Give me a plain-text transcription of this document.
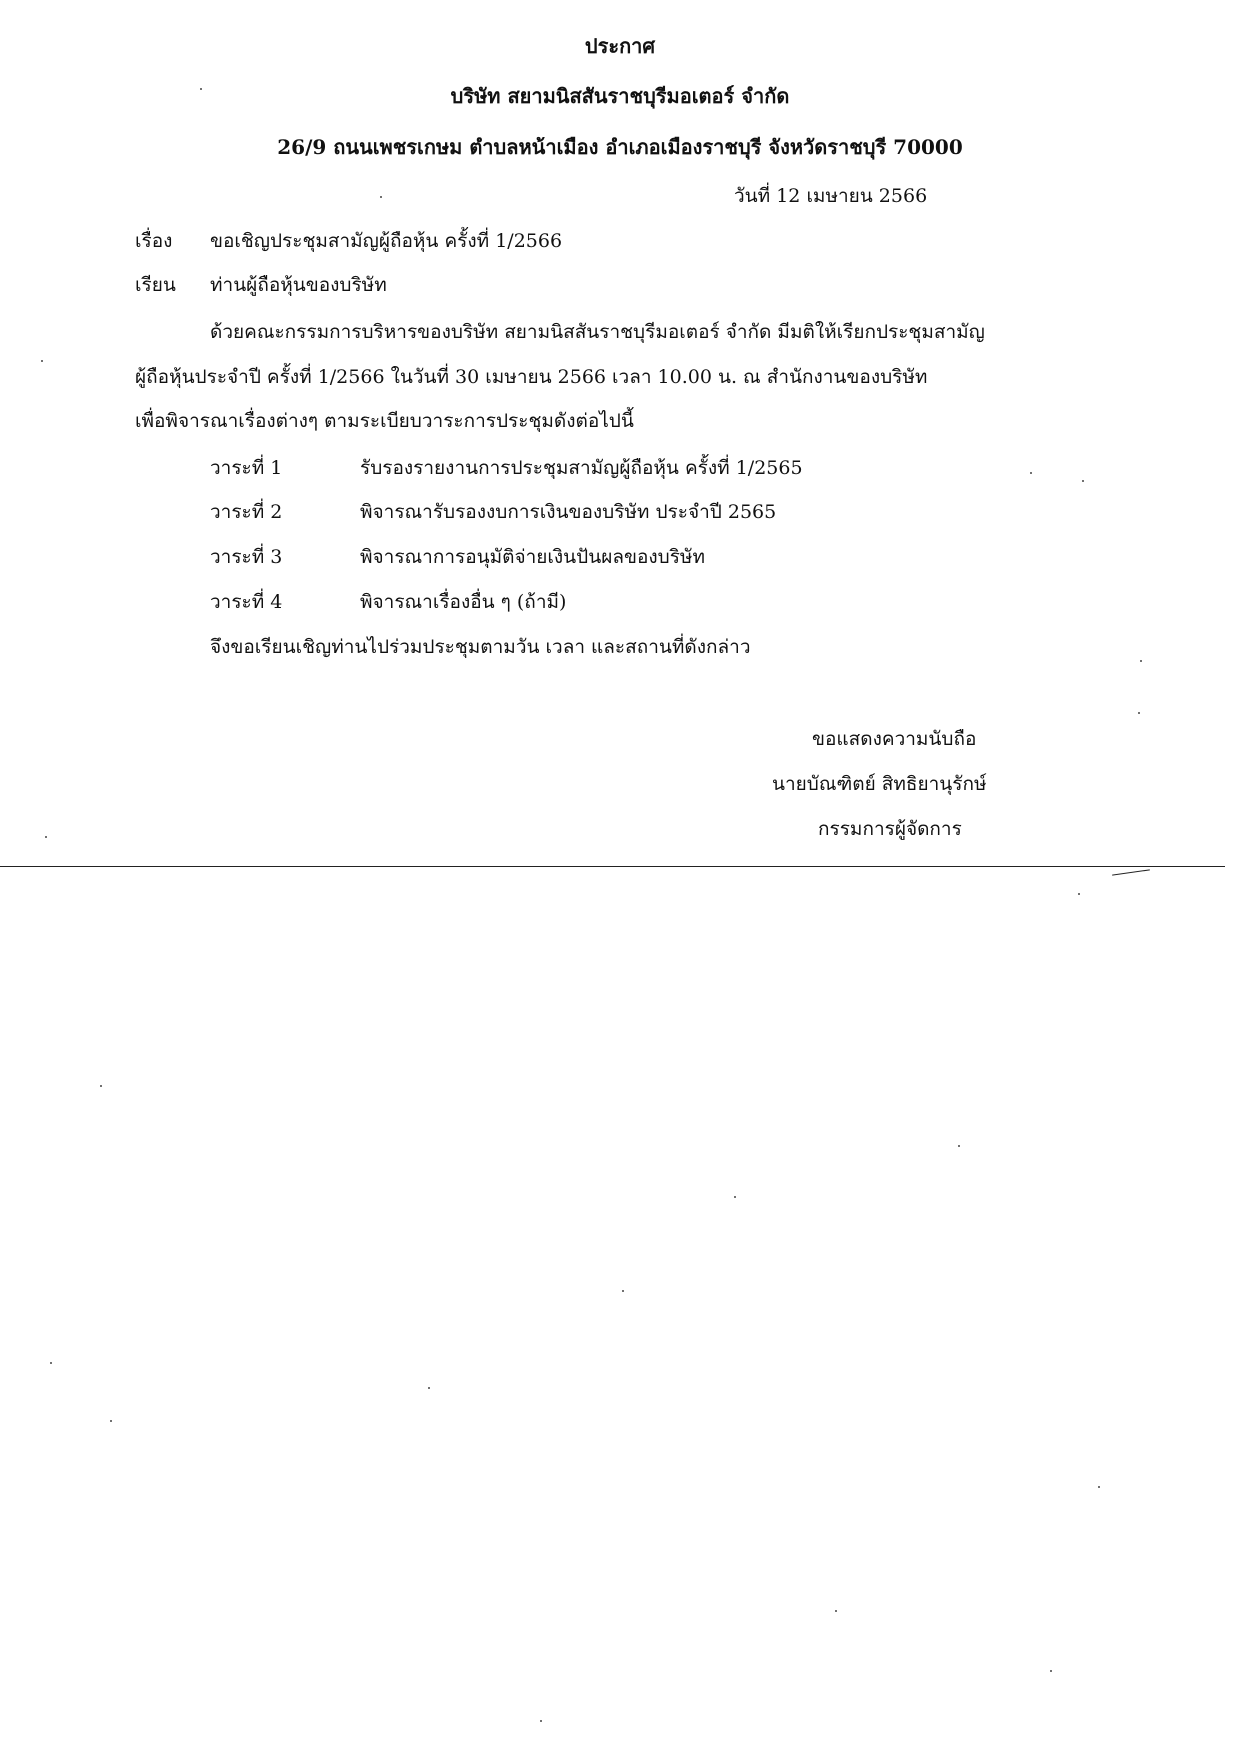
ประกาศ
บริษัท สยามนิสสันราชบุรีมอเตอร์ จำกัด
26/9 ถนนเพชรเกษม ตำบลหน้าเมือง อำเภอเมืองราชบุรี จังหวัดราชบุรี 70000
วันที่ 12 เมษายน 2566
เรื่อง ขอเชิญประชุมสามัญผู้ถือหุ้น ครั้งที่ 1/2566
เรียน ท่านผู้ถือหุ้นของบริษัท
ด้วยคณะกรรมการบริหารของบริษัท สยามนิสสันราชบุรีมอเตอร์ จำกัด มีมติให้เรียกประชุมสามัญ
ผู้ถือหุ้นประจำปี ครั้งที่ 1/2566 ในวันที่ 30 เมษายน 2566 เวลา 10.00 น. ณ สำนักงานของบริษัท
เพื่อพิจารณาเรื่องต่างๆ ตามระเบียบวาระการประชุมดังต่อไปนี้
วาระที่ 1	รับรองรายงานการประชุมสามัญผู้ถือหุ้น ครั้งที่ 1/2565
วาระที่ 2	พิจารณารับรองงบการเงินของบริษัท ประจำปี 2565
วาระที่ 3	พิจารณาการอนุมัติจ่ายเงินปันผลของบริษัท
วาระที่ 4	พิจารณาเรื่องอื่น ๆ (ถ้ามี)
จึงขอเรียนเชิญท่านไปร่วมประชุมตามวัน เวลา และสถานที่ดังกล่าว
ขอแสดงความนับถือ
นายบัณฑิตย์ สิทธิยานุรักษ์
กรรมการผู้จัดการ
